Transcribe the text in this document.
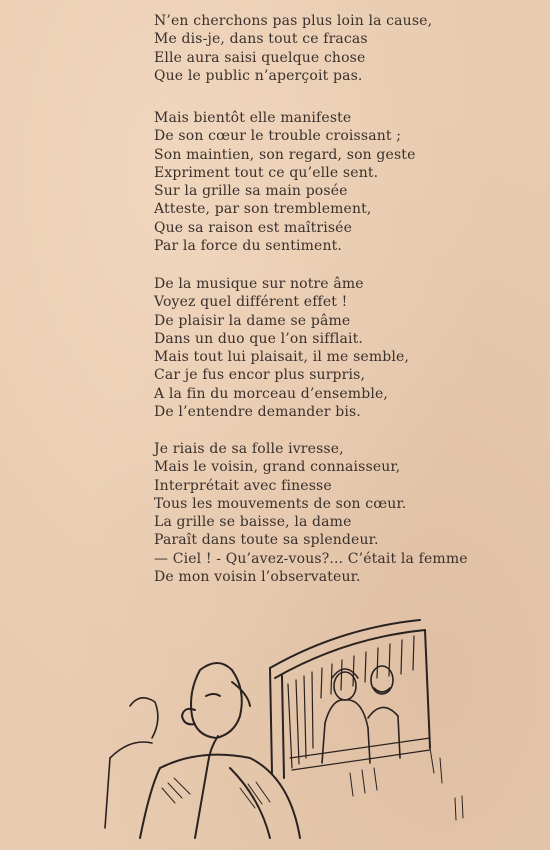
N’en cherchons pas plus loin la cause,
Me dis-je, dans tout ce fracas
Elle aura saisi quelque chose
Que le public n’aperçoit pas.
Mais bientôt elle manifeste
De son cœur le trouble croissant ;
Son maintien, son regard, son geste
Expriment tout ce qu’elle sent.
Sur la grille sa main posée
Atteste, par son tremblement,
Que sa raison est maîtrisée
Par la force du sentiment.
De la musique sur notre âme
Voyez quel différent effet !
De plaisir la dame se pâme
Dans un duo que l’on sifflait.
Mais tout lui plaisait, il me semble,
Car je fus encor plus surpris,
A la fin du morceau d’ensemble,
De l’entendre demander bis.
Je riais de sa folle ivresse,
Mais le voisin, grand connaisseur,
Interprétait avec finesse
Tous les mouvements de son cœur.
La grille se baisse, la dame
Paraît dans toute sa splendeur.
— Ciel ! - Qu’avez-vous?... C’était la femme
De mon voisin l’observateur.
